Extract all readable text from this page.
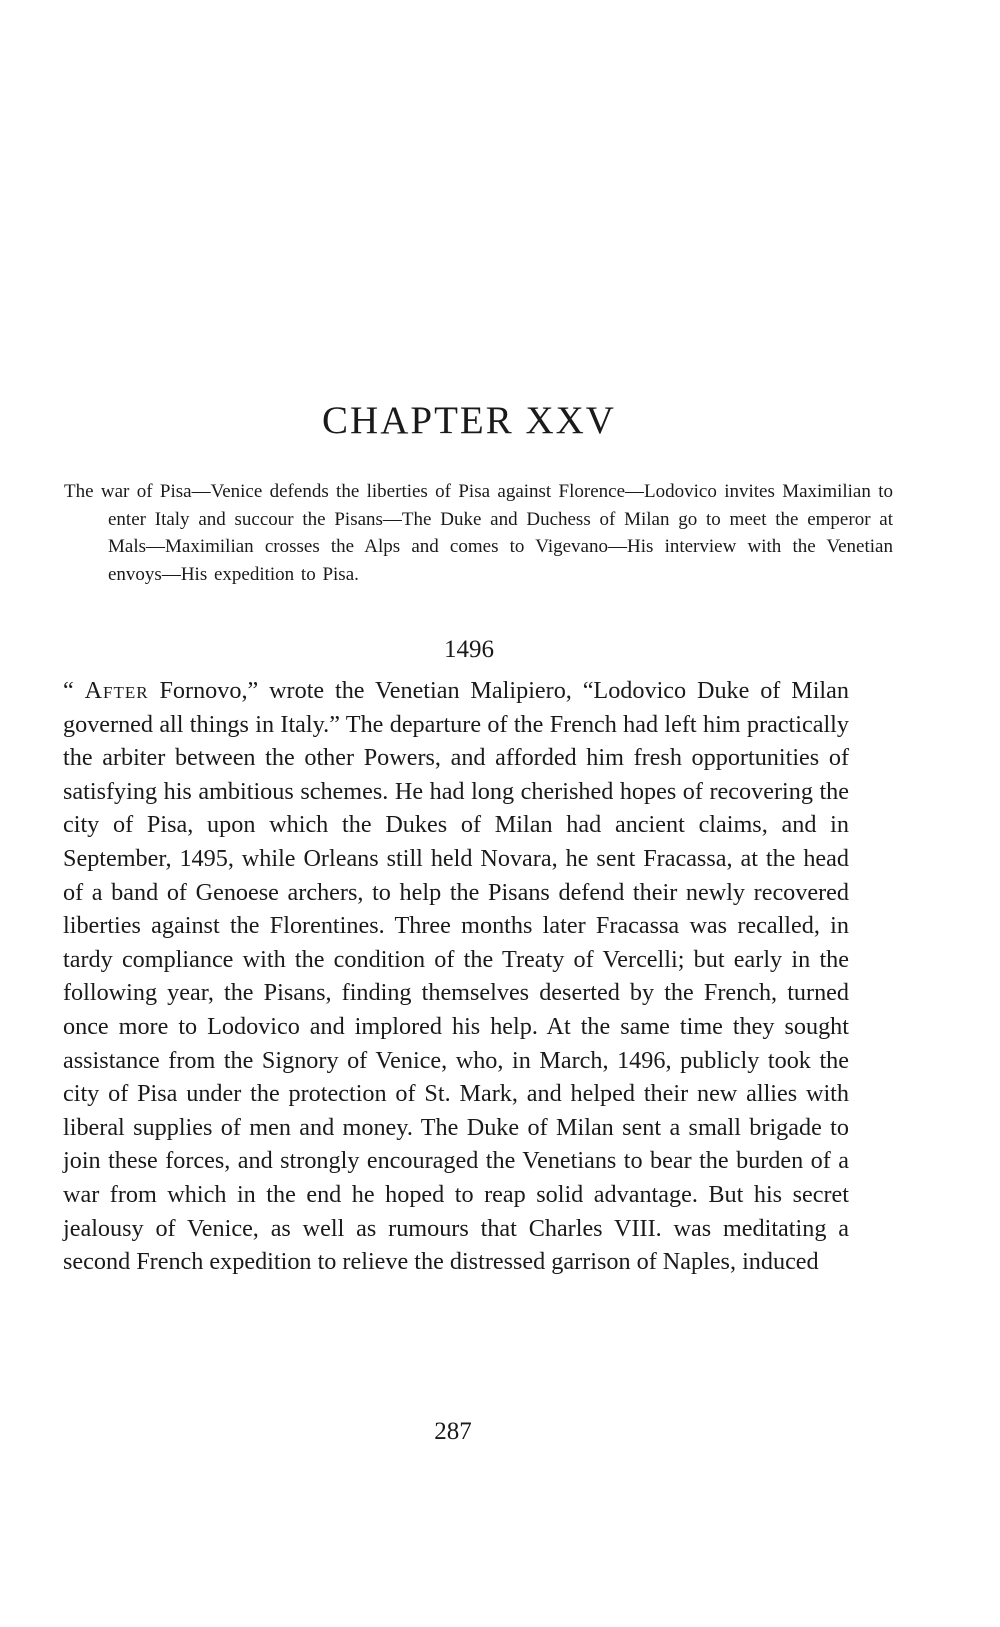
CHAPTER XXV

The war of Pisa—Venice defends the liberties of Pisa against Florence—Lodovico invites Maximilian to enter Italy and succour the Pisans—The Duke and Duchess of Milan go to meet the emperor at Mals—Maximilian crosses the Alps and comes to Vigevano—His interview with the Venetian envoys—His expedition to Pisa.

1496

“ After Fornovo,” wrote the Venetian Malipiero, “Lodovico Duke of Milan governed all things in Italy.” The departure of the French had left him practically the arbiter between the other Powers, and afforded him fresh opportunities of satisfying his ambitious schemes. He had long cherished hopes of recovering the city of Pisa, upon which the Dukes of Milan had ancient claims, and in September, 1495, while Orleans still held Novara, he sent Fracassa, at the head of a band of Genoese archers, to help the Pisans defend their newly recovered liberties against the Florentines. Three months later Fracassa was recalled, in tardy compliance with the condition of the Treaty of Vercelli; but early in the following year, the Pisans, finding themselves deserted by the French, turned once more to Lodovico and implored his help. At the same time they sought assistance from the Signory of Venice, who, in March, 1496, publicly took the city of Pisa under the protection of St. Mark, and helped their new allies with liberal supplies of men and money. The Duke of Milan sent a small brigade to join these forces, and strongly encouraged the Venetians to bear the burden of a war from which in the end he hoped to reap solid advantage. But his secret jealousy of Venice, as well as rumours that Charles VIII. was meditating a second French expedition to relieve the distressed garrison of Naples, induced

287
